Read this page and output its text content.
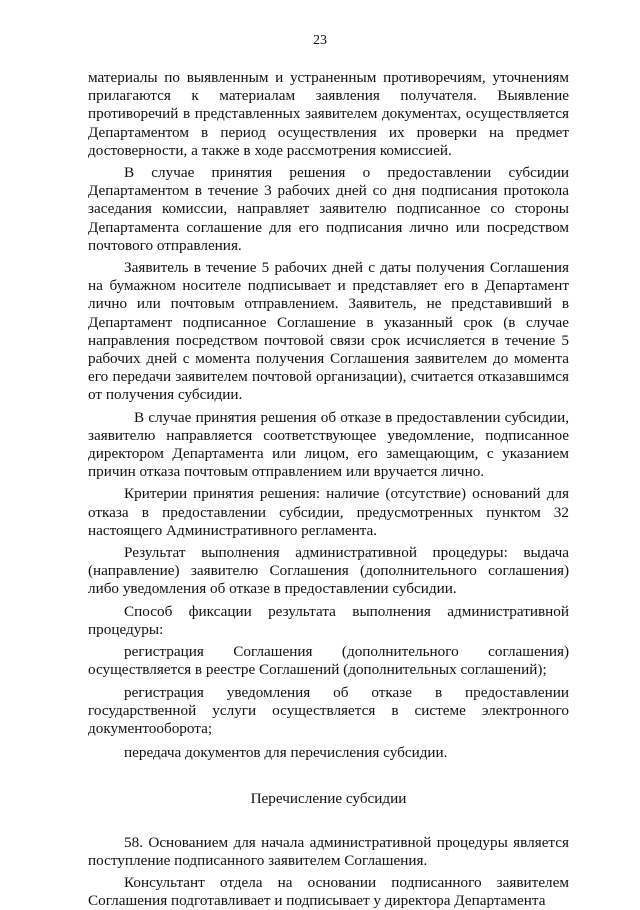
23

материалы по выявленным и устраненным противоречиям, уточнениям прилагаются к материалам заявления получателя. Выявление противоречий в представленных заявителем документах, осуществляется Департаментом в период осуществления их проверки на предмет достоверности, а также в ходе рассмотрения комиссией.

В случае принятия решения о предоставлении субсидии Департаментом в течение 3 рабочих дней со дня подписания протокола заседания комиссии, направляет заявителю подписанное со стороны Департамента соглашение для его подписания лично или посредством почтового отправления.

Заявитель в течение 5 рабочих дней с даты получения Соглашения на бумажном носителе подписывает и представляет его в Департамент лично или почтовым отправлением. Заявитель, не представивший в Департамент подписанное Соглашение в указанный срок (в случае направления посредством почтовой связи срок исчисляется в течение 5 рабочих дней с момента получения Соглашения заявителем до момента его передачи заявителем почтовой организации), считается отказавшимся от получения субсидии.

В случае принятия решения об отказе в предоставлении субсидии, заявителю направляется соответствующее уведомление, подписанное директором Департамента или лицом, его замещающим, с указанием причин отказа почтовым отправлением или вручается лично.

Критерии принятия решения: наличие (отсутствие) оснований для отказа в предоставлении субсидии, предусмотренных пунктом 32 настоящего Административного регламента.

Результат выполнения административной процедуры: выдача (направление) заявителю Соглашения (дополнительного соглашения) либо уведомления об отказе в предоставлении субсидии.

Способ фиксации результата выполнения административной процедуры:

регистрация Соглашения (дополнительного соглашения) осуществляется в реестре Соглашений (дополнительных соглашений);

регистрация уведомления об отказе в предоставлении государственной услуги осуществляется в системе электронного документооборота;

передача документов для перечисления субсидии.

Перечисление субсидии

58. Основанием для начала административной процедуры является поступление подписанного заявителем Соглашения.

Консультант отдела на основании подписанного заявителем Соглашения подготавливает и подписывает у директора Департамента
